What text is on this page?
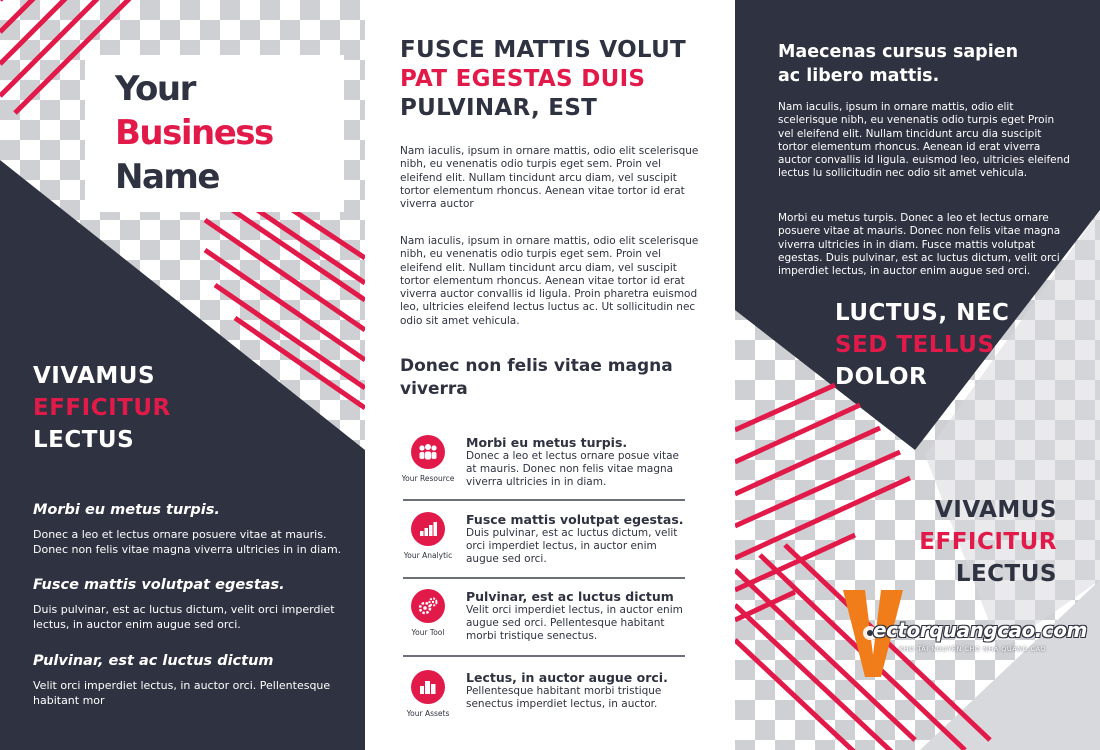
Your
Business
Name
VIVAMUS
EFFICITUR
LECTUS
Morbi eu metus turpis.
Donec a leo et lectus ornare posuere vitae at mauris. Donec non felis vitae magna viverra ultricies in in diam.
Fusce mattis volutpat egestas.
Duis pulvinar, est ac luctus dictum, velit orci imperdiet lectus, in auctor enim augue sed orci.
Pulvinar, est ac luctus dictum
Velit orci imperdiet lectus, in auctor orci. Pellentesque habitant mor
FUSCE MATTIS VOLUT
PAT EGESTAS DUIS
PULVINAR, EST

Nam iaculis, ipsum in ornare mattis, odio elit scelerisque nibh, eu venenatis odio turpis eget sem. Proin vel eleifend elit. Nullam tincidunt arcu diam, vel suscipit tortor elementum rhoncus. Aenean vitae tortor id erat viverra auctor

Nam iaculis, ipsum in ornare mattis, odio elit scelerisque nibh, eu venenatis odio turpis eget sem. Proin vel eleifend elit. Nullam tincidunt arcu diam, vel suscipit tortor elementum rhoncus. Aenean vitae tortor id erat viverra auctor convallis id ligula. Proin pharetra euismod leo, ultricies eleifend lectus luctus ac. Ut sollicitudin nec odio sit amet vehicula.

Donec non felis vitae magna viverra
Your Resource
Morbi eu metus turpis.
Donec a leo et lectus ornare posue vitae at mauris. Donec non felis vitae magna viverra ultricies in in diam.
Your Analytic
Fusce mattis volutpat egestas.
Duis pulvinar, est ac luctus dictum, velit orci imperdiet lectus, in auctor enim augue sed orci.
Your Tool
Pulvinar, est ac luctus dictum
Velit orci imperdiet lectus, in auctor enim augue sed orci. Pellentesque habitant morbi tristique senectus.
Your Assets
Lectus, in auctor augue orci.
Pellentesque habitant morbi tristique senectus imperdiet lectus, in auctor.
Maecenas cursus sapien
ac libero mattis.

Nam iaculis, ipsum in ornare mattis, odio elit scelerisque nibh, eu venenatis odio turpis eget Proin vel eleifend elit. Nullam tincidunt arcu dia suscipit tortor elementum rhoncus. Aenean id erat viverra auctor convallis id ligula. euismod leo, ultricies eleifend lectus lu sollicitudin nec odio sit amet vehicula.

Morbi eu metus turpis. Donec a leo et lectus ornare posuere vitae at mauris. Donec non felis vitae magna viverra ultricies in in diam. Fusce mattis volutpat egestas. Duis pulvinar, est ac luctus dictum, velit orci imperdiet lectus, in auctor enim augue sed orci.

LUCTUS, NEC
SED TELLUS
DOLOR
VIVAMUS
EFFICITUR
LECTUS
ectorquangcao.com
KHO TÀI NGUYÊN CHO NHÀ QUẢNG CÁO
